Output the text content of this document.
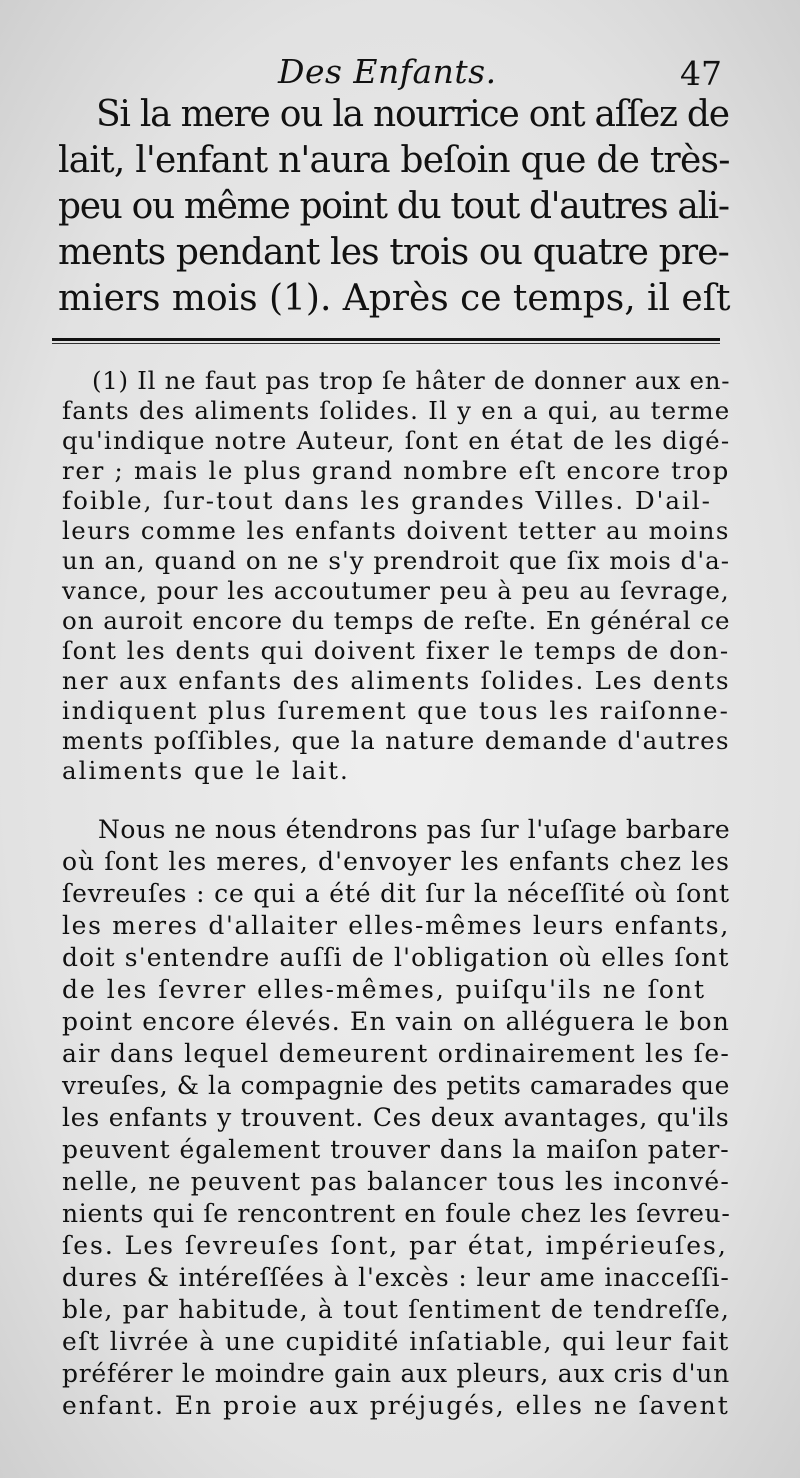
Des Enfants.	47
Si la mere ou la nourrice ont aſſez de
lait, l'enfant n'aura beſoin que de très-
peu ou même point du tout d'autres ali-
ments pendant les trois ou quatre pre-
miers mois (1). Après ce temps, il eſt
(1) Il ne faut pas trop ſe hâter de donner aux en-
fants des aliments ſolides. Il y en a qui, au terme
qu'indique notre Auteur, ſont en état de les digé-
rer ; mais le plus grand nombre eſt encore trop
foible, ſur-tout dans les grandes Villes. D'ail-
leurs comme les enfants doivent tetter au moins
un an, quand on ne s'y prendroit que ſix mois d'a-
vance, pour les accoutumer peu à peu au ſevrage,
on auroit encore du temps de reſte. En général ce
ſont les dents qui doivent fixer le temps de don-
ner aux enfants des aliments ſolides. Les dents
indiquent plus ſurement que tous les raiſonne-
ments poſſibles, que la nature demande d'autres
aliments que le lait.
Nous ne nous étendrons pas ſur l'uſage barbare
où ſont les meres, d'envoyer les enfants chez les
ſevreuſes : ce qui a été dit ſur la néceſſité où ſont
les meres d'allaiter elles-mêmes leurs enfants,
doit s'entendre auſſi de l'obligation où elles ſont
de les ſevrer elles-mêmes, puiſqu'ils ne ſont
point encore élevés. En vain on alléguera le bon
air dans lequel demeurent ordinairement les ſe-
vreuſes, & la compagnie des petits camarades que
les enfants y trouvent. Ces deux avantages, qu'ils
peuvent également trouver dans la maiſon pater-
nelle, ne peuvent pas balancer tous les inconvé-
nients qui ſe rencontrent en foule chez les ſevreu-
ſes. Les ſevreuſes ſont, par état, impérieuſes,
dures & intéreſſées à l'excès : leur ame inacceſſi-
ble, par habitude, à tout ſentiment de tendreſſe,
eſt livrée à une cupidité inſatiable, qui leur fait
préférer le moindre gain aux pleurs, aux cris d'un
enfant. En proie aux préjugés, elles ne ſavent
